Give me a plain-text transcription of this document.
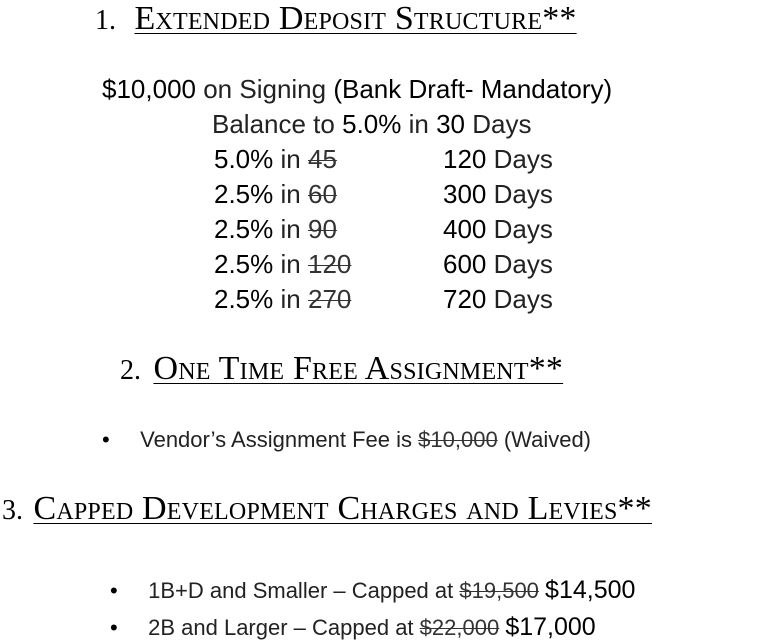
1. Extended Deposit Structure**
$10,000 on Signing (Bank Draft- Mandatory)
Balance to 5.0% in 30 Days
5.0% in 45	120 Days
2.5% in 60	300 Days
2.5% in 90	400 Days
2.5% in 120	600 Days
2.5% in 270	720 Days
2. One Time Free Assignment**
• Vendor’s Assignment Fee is $10,000 (Waived)
3. Capped Development Charges and Levies**
• 1B+D and Smaller – Capped at $19,500 $14,500
• 2B and Larger – Capped at $22,000 $17,000
